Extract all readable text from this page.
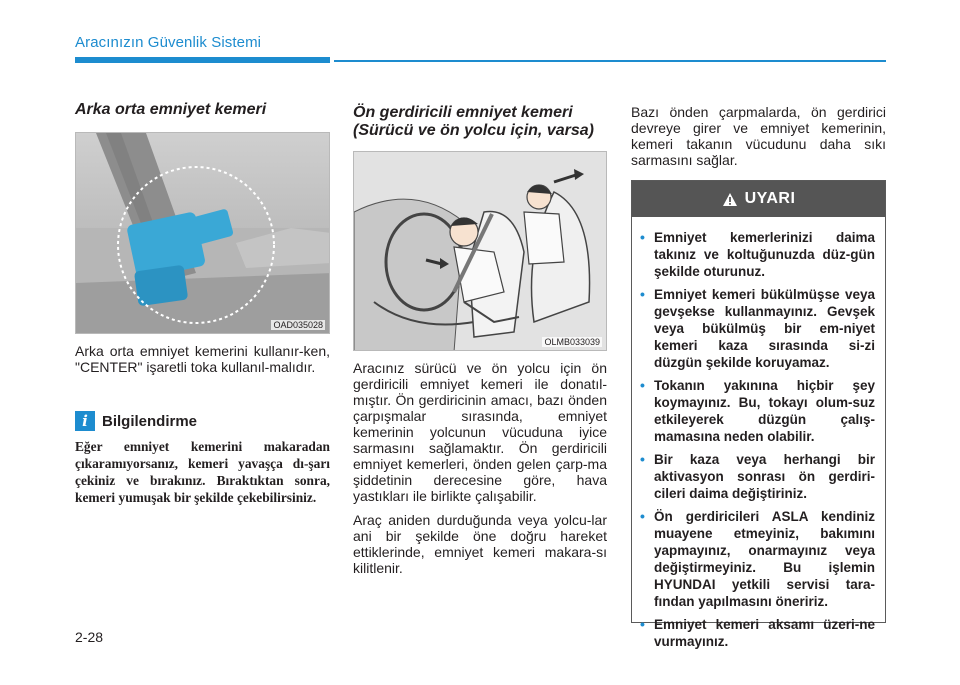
Aracınızın Güvenlik Sistemi
Arka orta emniyet kemeri
OAD035028

Arka orta emniyet kemerini kullanır-ken, "CENTER" işaretli toka kullanıl-malıdır.

i Bilgilendirme

Eğer emniyet kemerini makaradan çıkaramıyorsanız, kemeri yavaşça dı-şarı çekiniz ve bırakınız. Bıraktıktan sonra, kemeri yumuşak bir şekilde çekebilirsiniz.

Ön gerdiricili emniyet kemeri (Sürücü ve ön yolcu için, varsa)
OLMB033039

Aracınız sürücü ve ön yolcu için ön gerdiricili emniyet kemeri ile donatıl-mıştır. Ön gerdiricinin amacı, bazı önden çarpışmalar sırasında, emniyet kemerinin yolcunun vücuduna iyice sarmasını sağlamaktır. Ön gerdiricili emniyet kemerleri, önden gelen çarp-ma şiddetinin derecesine göre, hava yastıkları ile birlikte çalışabilir.

Araç aniden durduğunda veya yolcu-lar ani bir şekilde öne doğru hareket ettiklerinde, emniyet kemeri makara-sı kilitlenir.

Bazı önden çarpmalarda, ön gerdirici devreye girer ve emniyet kemerinin, kemeri takanın vücudunu daha sıkı sarmasını sağlar.

UYARI
• Emniyet kemerlerinizi daima takınız ve koltuğunuzda düz-gün şekilde oturunuz.
• Emniyet kemeri bükülmüşse veya gevşekse kullanmayınız. Gevşek veya bükülmüş bir em-niyet kemeri kaza sırasında si-zi düzgün şekilde koruyamaz.
• Tokanın yakınına hiçbir şey koymayınız. Bu, tokayı olum-suz etkileyerek düzgün çalış-mamasına neden olabilir.
• Bir kaza veya herhangi bir aktivasyon sonrası ön gerdiri-cileri daima değiştiriniz.
• Ön gerdiricileri ASLA kendiniz muayene etmeyiniz, bakımını yapmayınız, onarmayınız veya değiştirmeyiniz. Bu işlemin HYUNDAI yetkili servisi tara-fından yapılmasını öneririz.
• Emniyet kemeri aksamı üzeri-ne vurmayınız.
2-28
